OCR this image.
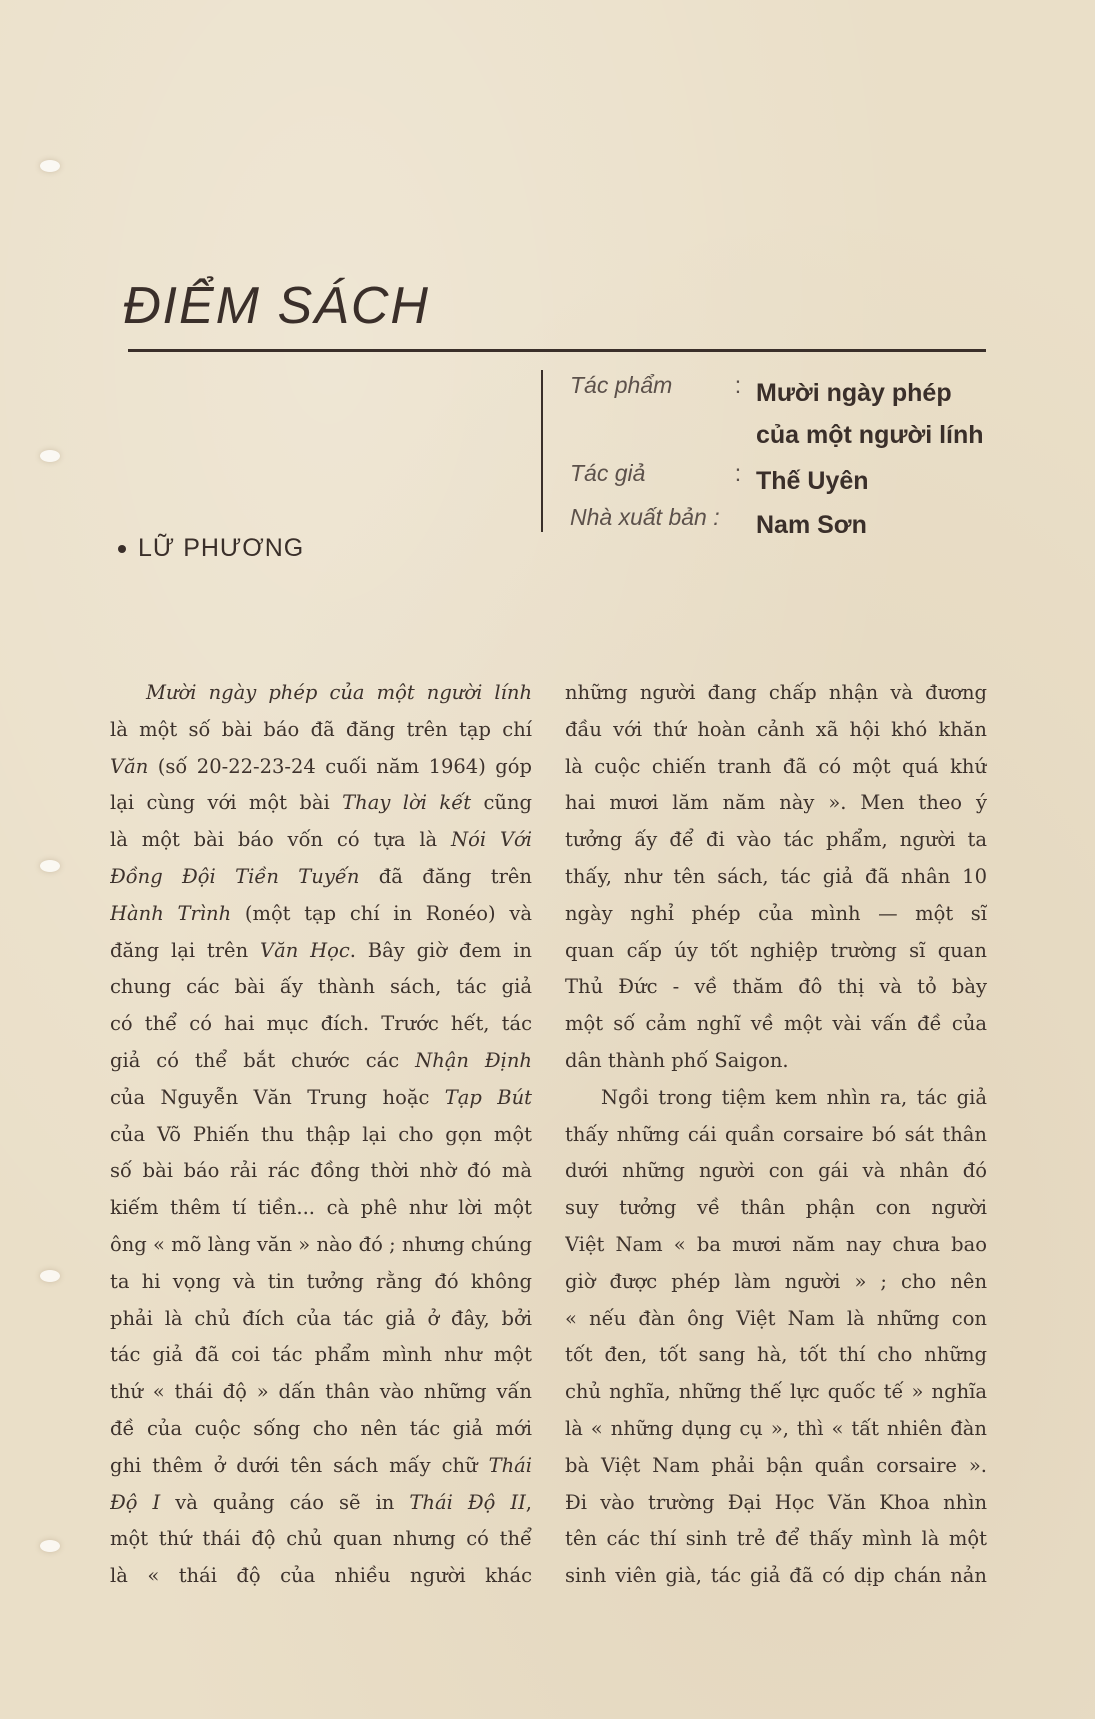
ĐIỂM SÁCH
Tác phẩm	: Mười ngày phép
của một người lính
Tác giả	: Thế Uyên
Nhà xuất bản :	Nam Sơn
LỮ PHƯƠNG
Mười ngày phép của một người lính
là một số bài báo đã đăng trên tạp chí
Văn (số 20-22-23-24 cuối năm 1964) góp
lại cùng với một bài Thay lời kết cũng
là một bài báo vốn có tựa là Nói Với
Đồng Đội Tiền Tuyến đã đăng trên
Hành Trình (một tạp chí in Ronéo) và
đăng lại trên Văn Học. Bây giờ đem in
chung các bài ấy thành sách, tác giả
có thể có hai mục đích. Trước hết, tác
giả có thể bắt chước các Nhận Định
của Nguyễn Văn Trung hoặc Tạp Bút
của Võ Phiến thu thập lại cho gọn một
số bài báo rải rác đồng thời nhờ đó mà
kiếm thêm tí tiền... cà phê như lời một
ông « mõ làng văn » nào đó ; nhưng chúng
ta hi vọng và tin tưởng rằng đó không
phải là chủ đích của tác giả ở đây, bởi
tác giả đã coi tác phẩm mình như một
thứ « thái độ » dấn thân vào những vấn
đề của cuộc sống cho nên tác giả mới
ghi thêm ở dưới tên sách mấy chữ Thái
Độ I và quảng cáo sẽ in Thái Độ II,
một thứ thái độ chủ quan nhưng có thể
là « thái độ của nhiều người khác
những người đang chấp nhận và đương
đầu với thứ hoàn cảnh xã hội khó khăn
là cuộc chiến tranh đã có một quá khứ
hai mươi lăm năm này ». Men theo ý
tưởng ấy để đi vào tác phẩm, người ta
thấy, như tên sách, tác giả đã nhân 10
ngày nghỉ phép của mình — một sĩ
quan cấp úy tốt nghiệp trường sĩ quan
Thủ Đức - về thăm đô thị và tỏ bày
một số cảm nghĩ về một vài vấn đề của
dân thành phố Saigon.
Ngồi trong tiệm kem nhìn ra, tác giả
thấy những cái quần corsaire bó sát thân
dưới những người con gái và nhân đó
suy tưởng về thân phận con người
Việt Nam « ba mươi năm nay chưa bao
giờ được phép làm người » ; cho nên
« nếu đàn ông Việt Nam là những con
tốt đen, tốt sang hà, tốt thí cho những
chủ nghĩa, những thế lực quốc tế » nghĩa
là « những dụng cụ », thì « tất nhiên đàn
bà Việt Nam phải bận quần corsaire ».
Đi vào trường Đại Học Văn Khoa nhìn
tên các thí sinh trẻ để thấy mình là một
sinh viên già, tác giả đã có dịp chán nản
